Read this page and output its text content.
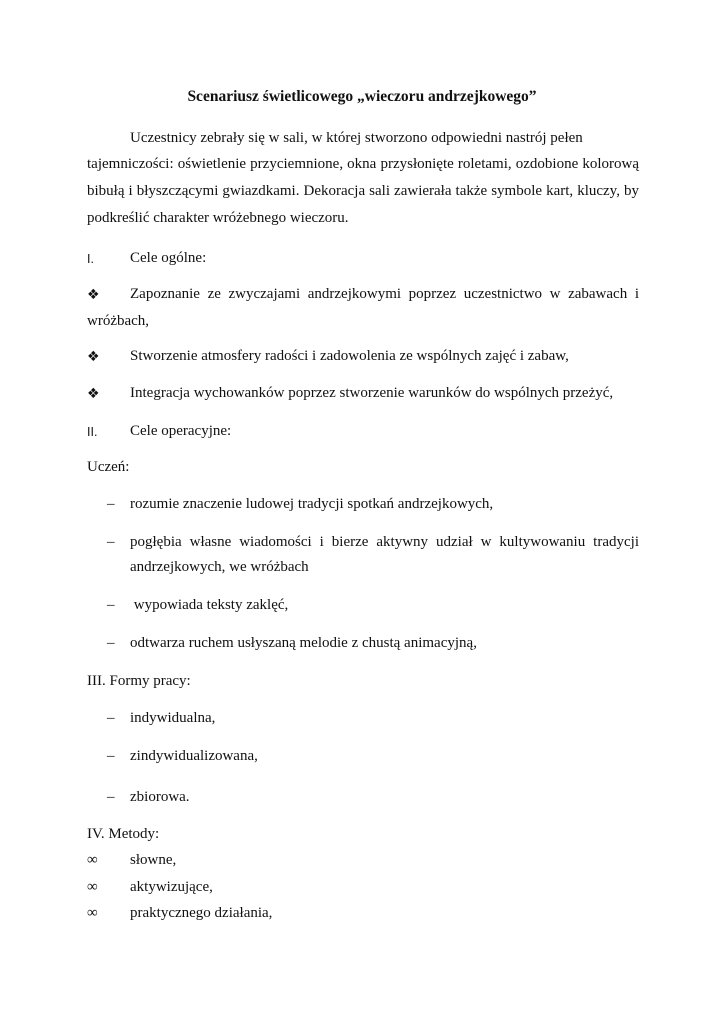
Scenariusz świetlicowego „wieczoru andrzejkowego”
Uczestnicy zebrały się w sali, w której stworzono odpowiedni nastrój pełen
tajemniczości: oświetlenie przyciemnione, okna przysłonięte roletami, ozdobione kolorową
bibułą i błyszczącymi gwiazdkami. Dekoracja sali zawierała także symbole kart, kluczy, by
podkreślić charakter wróżebnego wieczoru.
I. Cele ogólne:
❖ Zapoznanie ze zwyczajami andrzejkowymi poprzez uczestnictwo w zabawach i
wróżbach,
❖ Stworzenie atmosfery radości i zadowolenia ze wspólnych zajęć i zabaw,
❖ Integracja wychowanków poprzez stworzenie warunków do wspólnych przeżyć,
II. Cele operacyjne:
Uczeń:
– rozumie znaczenie ludowej tradycji spotkań andrzejkowych,
– pogłębia własne wiadomości i bierze aktywny udział w kultywowaniu tradycji
andrzejkowych, we wróżbach
– wypowiada teksty zaklęć,
– odtwarza ruchem usłyszaną melodie z chustą animacyjną,
III. Formy pracy:
– indywidualna,
– zindywidualizowana,
– zbiorowa.
IV. Metody:
∞ słowne,
∞ aktywizujące,
∞ praktycznego działania,
